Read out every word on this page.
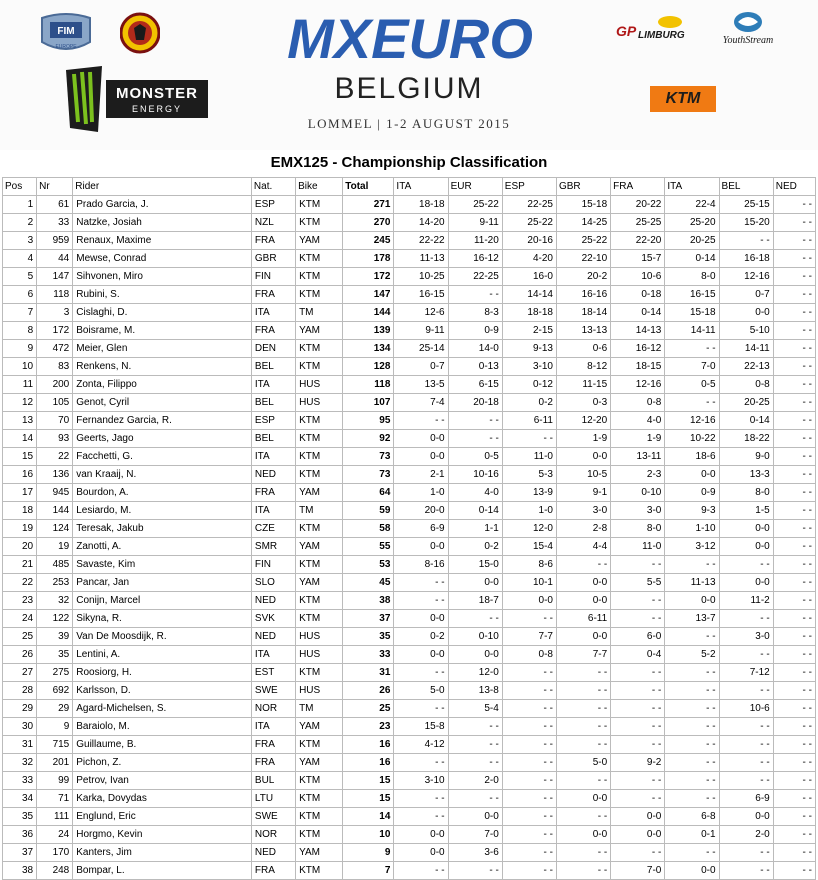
FIM
EUROPE
MONSTER
ENERGY
MXEURO
BELGIUM
LOMMEL | 1-2 AUGUST 2015
GP LIMBURG	YouthStream
KTM
EMX125 - Championship Classification
Pos	Nr	Rider	Nat.	Bike	Total	ITA	EUR	ESP	GBR	FRA	ITA	BEL	NED
1	61	Prado Garcia, J.	ESP	KTM	271	18-18	25-22	22-25	15-18	20-22	22-4	25-15	- -
2	33	Natzke, Josiah	NZL	KTM	270	14-20	9-11	25-22	14-25	25-25	25-20	15-20	- -
3	959	Renaux, Maxime	FRA	YAM	245	22-22	11-20	20-16	25-22	22-20	20-25	- -	- -
4	44	Mewse, Conrad	GBR	KTM	178	11-13	16-12	4-20	22-10	15-7	0-14	16-18	- -
5	147	Sihvonen, Miro	FIN	KTM	172	10-25	22-25	16-0	20-2	10-6	8-0	12-16	- -
6	118	Rubini, S.	FRA	KTM	147	16-15	- -	14-14	16-16	0-18	16-15	0-7	- -
7	3	Cislaghi, D.	ITA	TM	144	12-6	8-3	18-18	18-14	0-14	15-18	0-0	- -
8	172	Boisrame, M.	FRA	YAM	139	9-11	0-9	2-15	13-13	14-13	14-11	5-10	- -
9	472	Meier, Glen	DEN	KTM	134	25-14	14-0	9-13	0-6	16-12	- -	14-11	- -
10	83	Renkens, N.	BEL	KTM	128	0-7	0-13	3-10	8-12	18-15	7-0	22-13	- -
11	200	Zonta, Filippo	ITA	HUS	118	13-5	6-15	0-12	11-15	12-16	0-5	0-8	- -
12	105	Genot, Cyril	BEL	HUS	107	7-4	20-18	0-2	0-3	0-8	- -	20-25	- -
13	70	Fernandez Garcia, R.	ESP	KTM	95	- -	- -	6-11	12-20	4-0	12-16	0-14	- -
14	93	Geerts, Jago	BEL	KTM	92	0-0	- -	- -	1-9	1-9	10-22	18-22	- -
15	22	Facchetti, G.	ITA	KTM	73	0-0	0-5	11-0	0-0	13-11	18-6	9-0	- -
16	136	van Kraaij, N.	NED	KTM	73	2-1	10-16	5-3	10-5	2-3	0-0	13-3	- -
17	945	Bourdon, A.	FRA	YAM	64	1-0	4-0	13-9	9-1	0-10	0-9	8-0	- -
18	144	Lesiardo, M.	ITA	TM	59	20-0	0-14	1-0	3-0	3-0	9-3	1-5	- -
19	124	Teresak, Jakub	CZE	KTM	58	6-9	1-1	12-0	2-8	8-0	1-10	0-0	- -
20	19	Zanotti, A.	SMR	YAM	55	0-0	0-2	15-4	4-4	11-0	3-12	0-0	- -
21	485	Savaste, Kim	FIN	KTM	53	8-16	15-0	8-6	- -	- -	- -	- -	- -
22	253	Pancar, Jan	SLO	YAM	45	- -	0-0	10-1	0-0	5-5	11-13	0-0	- -
23	32	Conijn, Marcel	NED	KTM	38	- -	18-7	0-0	0-0	- -	0-0	11-2	- -
24	122	Sikyna, R.	SVK	KTM	37	0-0	- -	- -	6-11	- -	13-7	- -	- -
25	39	Van De Moosdijk, R.	NED	HUS	35	0-2	0-10	7-7	0-0	6-0	- -	3-0	- -
26	35	Lentini, A.	ITA	HUS	33	0-0	0-0	0-8	7-7	0-4	5-2	- -	- -
27	275	Roosiorg, H.	EST	KTM	31	- -	12-0	- -	- -	- -	- -	7-12	- -
28	692	Karlsson, D.	SWE	HUS	26	5-0	13-8	- -	- -	- -	- -	- -	- -
29	29	Agard-Michelsen, S.	NOR	TM	25	- -	5-4	- -	- -	- -	- -	10-6	- -
30	9	Baraiolo, M.	ITA	YAM	23	15-8	- -	- -	- -	- -	- -	- -	- -
31	715	Guillaume, B.	FRA	KTM	16	4-12	- -	- -	- -	- -	- -	- -	- -
32	201	Pichon, Z.	FRA	YAM	16	- -	- -	- -	5-0	9-2	- -	- -	- -
33	99	Petrov, Ivan	BUL	KTM	15	3-10	2-0	- -	- -	- -	- -	- -	- -
34	71	Karka, Dovydas	LTU	KTM	15	- -	- -	- -	0-0	- -	- -	6-9	- -
35	111	Englund, Eric	SWE	KTM	14	- -	0-0	- -	- -	0-0	6-8	0-0	- -
36	24	Horgmo, Kevin	NOR	KTM	10	0-0	7-0	- -	0-0	0-0	0-1	2-0	- -
37	170	Kanters, Jim	NED	YAM	9	0-0	3-6	- -	- -	- -	- -	- -	- -
38	248	Bompar, L.	FRA	KTM	7	- -	- -	- -	- -	7-0	0-0	- -	- -
